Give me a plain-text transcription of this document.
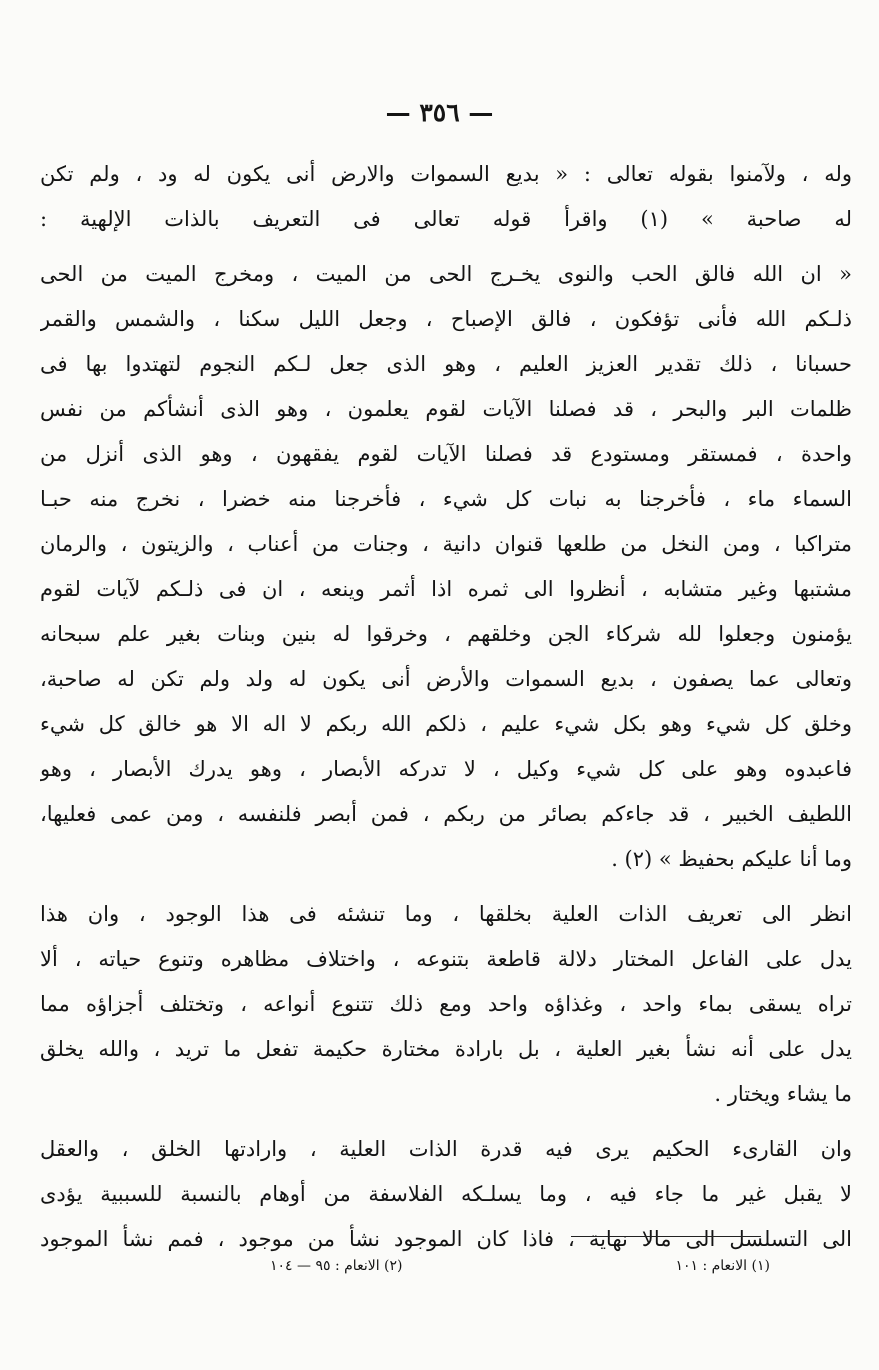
— ٣٥٦ —
وله ، ولآمنوا بقوله تعالى : « بديع السموات والارض أنى يكون له ود ، ولم تكن
له صاحبة » (١) واقرأ قوله تعالى فى التعريف بالذات الإلهية :
« ان الله فالق الحب والنوى يخـرج الحى من الميت ، ومخرج الميت من الحى
ذلـكم الله فأنى تؤفكون ، فالق الإصباح ، وجعل الليل سكنا ، والشمس والقمر
حسبانا ، ذلك تقدير العزيز العليم ، وهو الذى جعل لـكم النجوم لتهتدوا بها فى
ظلمات البر والبحر ، قد فصلنا الآيات لقوم يعلمون ، وهو الذى أنشأكم من نفس
واحدة ، فمستقر ومستودع قد فصلنا الآيات لقوم يفقهون ، وهو الذى أنزل من
السماء ماء ، فأخرجنا به نبات كل شيء ، فأخرجنا منه خضرا ، نخرج منه حبـا
متراكبا ، ومن النخل من طلعها قنوان دانية ، وجنات من أعناب ، والزيتون ، والرمان
مشتبها وغير متشابه ، أنظروا الى ثمره اذا أثمر وينعه ، ان فى ذلـكم لآيات لقوم
يؤمنون وجعلوا لله شركاء الجن وخلقهم ، وخرقوا له بنين وبنات بغير علم سبحانه
وتعالى عما يصفون ، بديع السموات والأرض أنى يكون له ولد ولم تكن له صاحبة،
وخلق كل شيء وهو بكل شيء عليم ، ذلكم الله ربكم لا اله الا هو خالق كل شيء
فاعبدوه وهو على كل شيء وكيل ، لا تدركه الأبصار ، وهو يدرك الأبصار ، وهو
اللطيف الخبير ، قد جاءكم بصائر من ربكم ، فمن أبصر فلنفسه ، ومن عمى فعليها،
وما أنا عليكم بحفيظ » (٢) .
انظر الى تعريف الذات العلية بخلقها ، وما تنشئه فى هذا الوجود ، وان هذا
يدل على الفاعل المختار دلالة قاطعة بتنوعه ، واختلاف مظاهره وتنوع حياته ، ألا
تراه يسقى بماء واحد ، وغذاؤه واحد ومع ذلك تتنوع أنواعه ، وتختلف أجزاؤه مما
يدل على أنه نشأ بغير العلية ، بل بارادة مختارة حكيمة تفعل ما تريد ، والله يخلق
ما يشاء ويختار .
وان القارىء الحكيم يرى فيه قدرة الذات العلية ، وارادتها الخلق ، والعقل
لا يقبل غير ما جاء فيه ، وما يسلـكه الفلاسفة من أوهام بالنسبة للسببية يؤدى
الى التسلسل الى مالا نهاية ، فاذا كان الموجود نشأ من موجود ، فمم نشأ الموجود
(١) الانعام : ١٠١
(٢) الانعام : ٩٥ — ١٠٤
